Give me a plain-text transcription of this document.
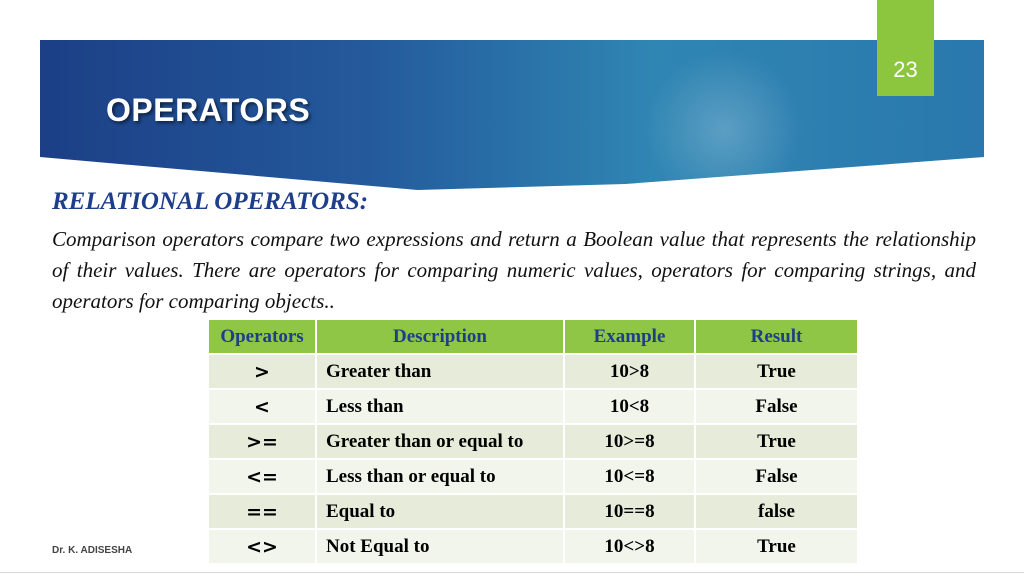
OPERATORS
23
RELATIONAL OPERATORS:

Comparison operators compare two expressions and return a Boolean value that represents the relationship of their values. There are operators for comparing numeric values, operators for comparing strings, and operators for comparing objects..

Operators	Description	Example	Result
>	Greater than	10>8	True
<	Less than	10<8	False
>=	Greater than or equal to	10>=8	True
<=	Less than or equal to	10<=8	False
==	Equal to	10==8	false
<>	Not Equal to	10<>8	True
Dr. K. ADISESHA
